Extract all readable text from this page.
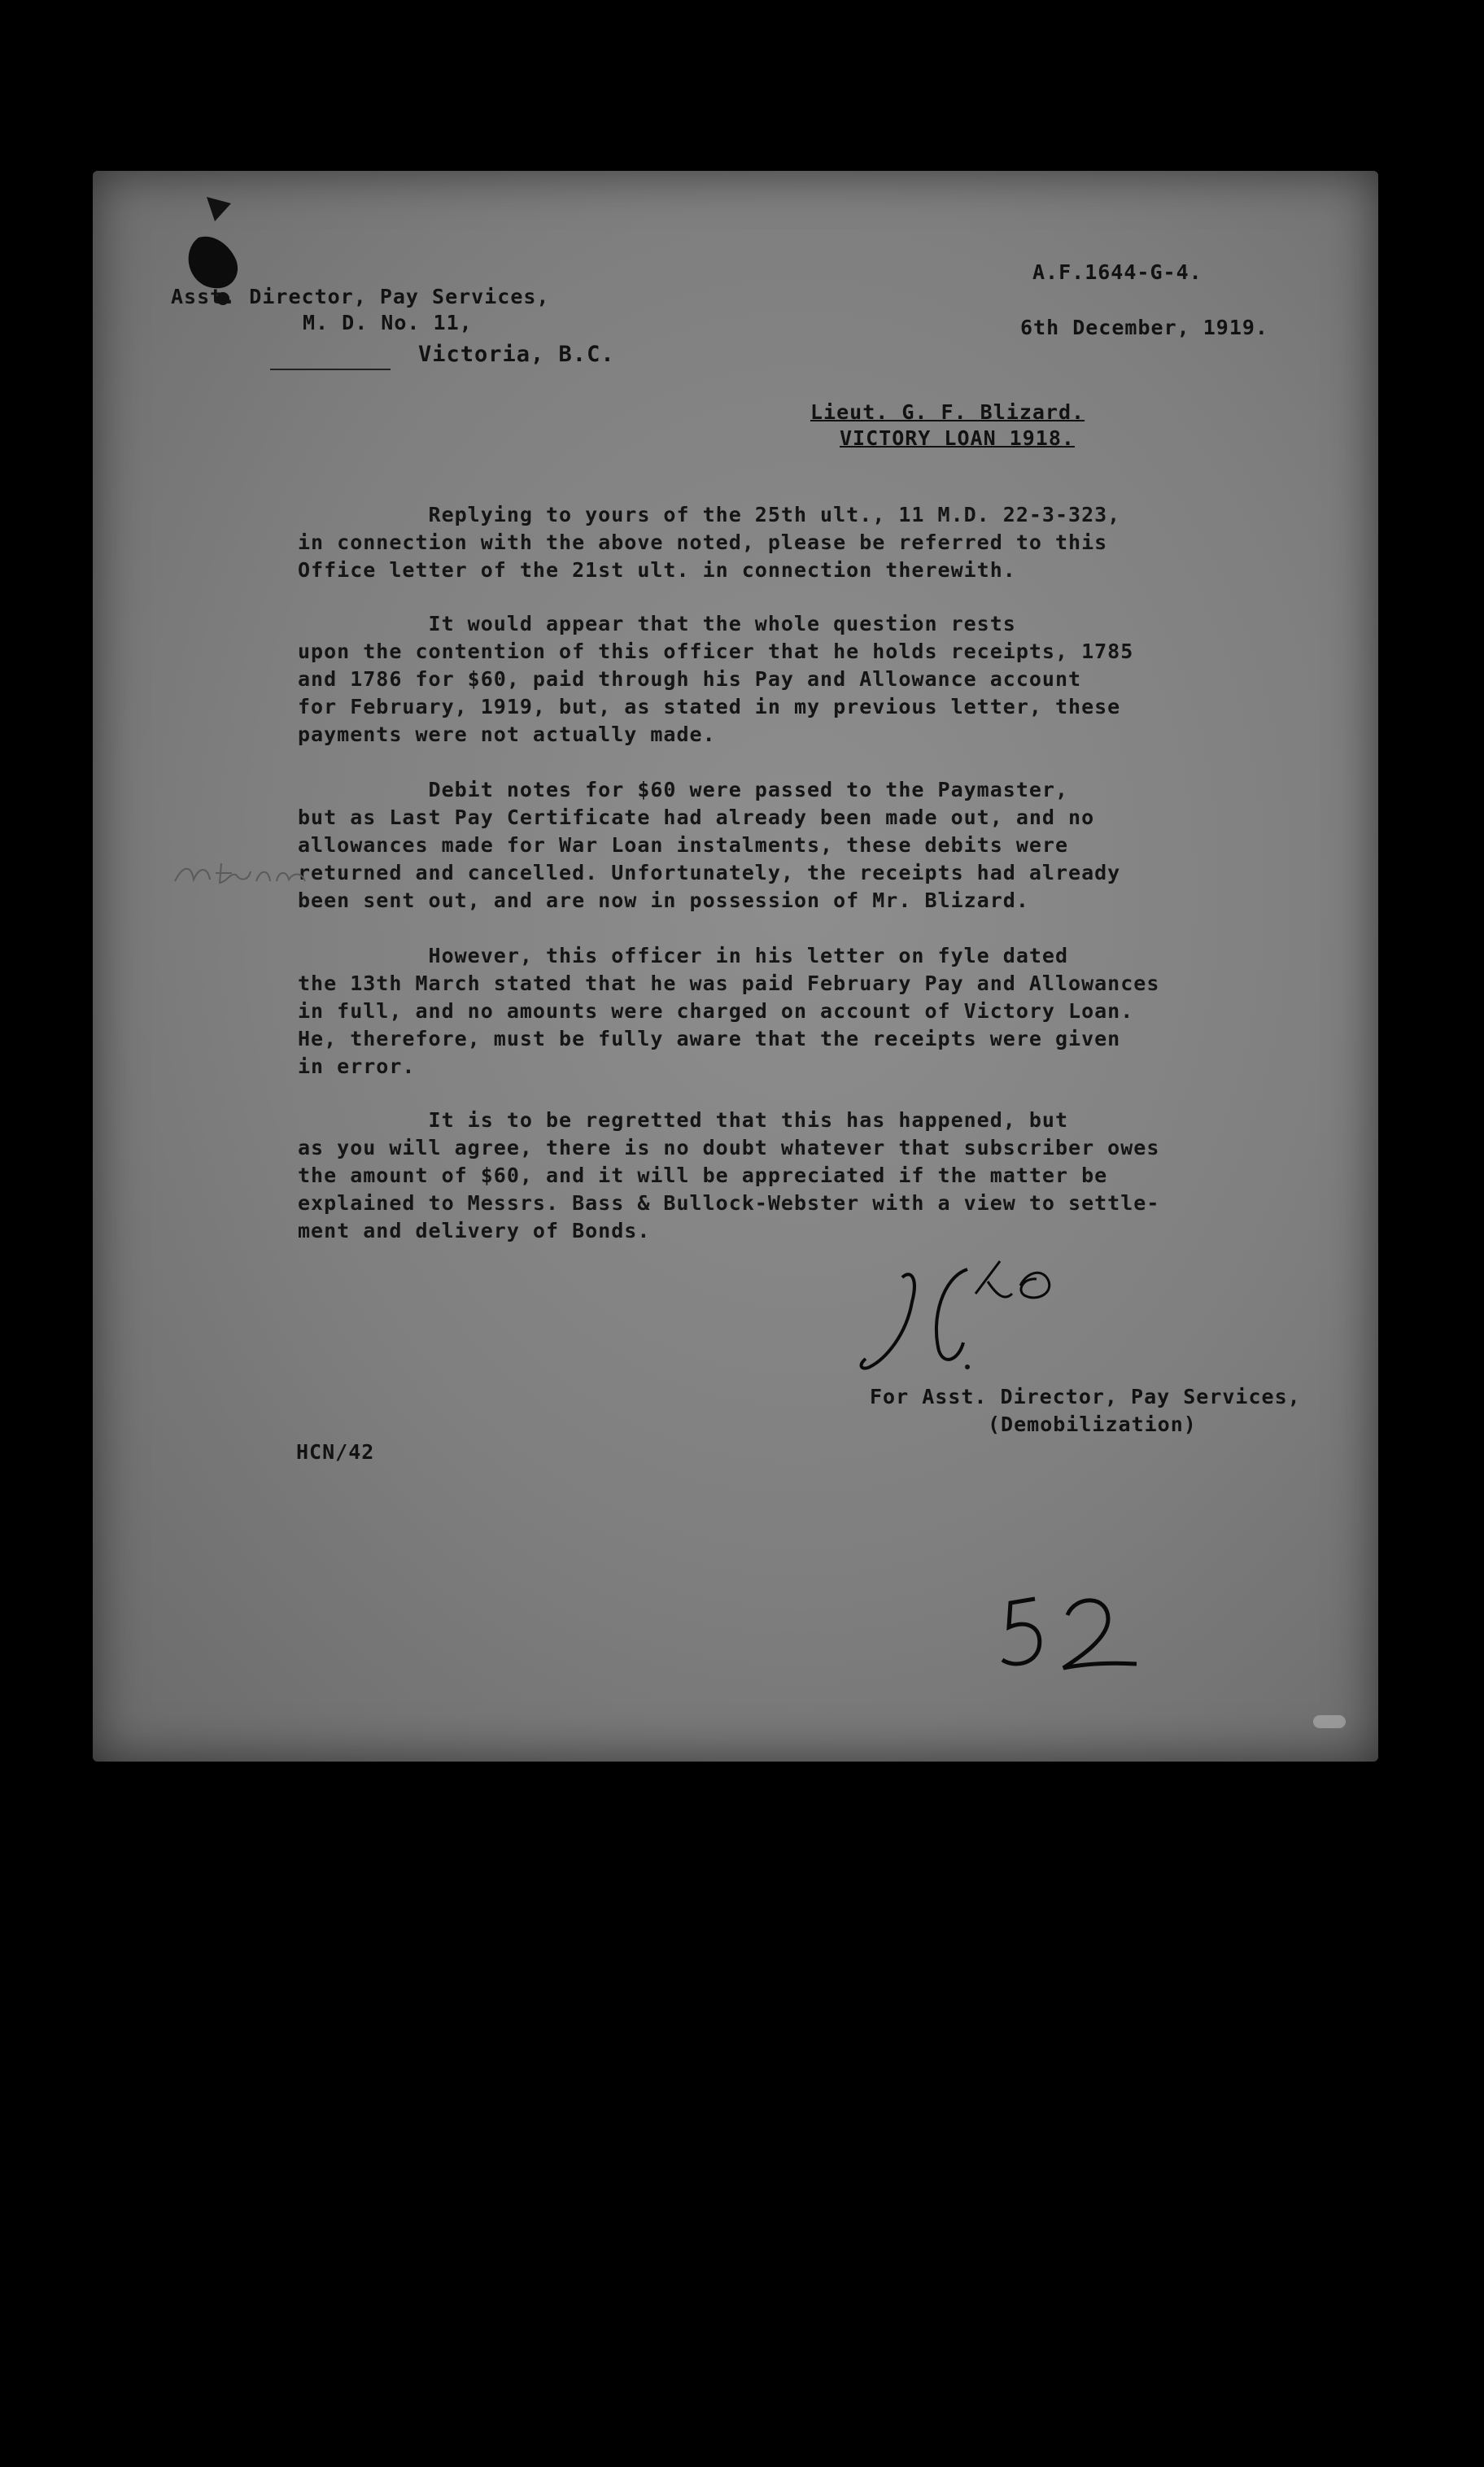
Asst. Director, Pay Services,
M. D. No. 11,
Victoria, B.C.
A.F.1644-G-4.
6th December, 1919.
Lieut. G. F. Blizard.
VICTORY LOAN 1918.
Replying to yours of the 25th ult., 11 M.D. 22-3-323,
in connection with the above noted, please be referred to this
Office letter of the 21st ult. in connection therewith.
It would appear that the whole question rests
upon the contention of this officer that he holds receipts, 1785
and 1786 for $60, paid through his Pay and Allowance account
for February, 1919, but, as stated in my previous letter, these
payments were not actually made.
Debit notes for $60 were passed to the Paymaster,
but as Last Pay Certificate had already been made out, and no
allowances made for War Loan instalments, these debits were
returned and cancelled. Unfortunately, the receipts had already
been sent out, and are now in possession of Mr. Blizard.
However, this officer in his letter on fyle dated
the 13th March stated that he was paid February Pay and Allowances
in full, and no amounts were charged on account of Victory Loan.
He, therefore, must be fully aware that the receipts were given
in error.
It is to be regretted that this has happened, but
as you will agree, there is no doubt whatever that subscriber owes
the amount of $60, and it will be appreciated if the matter be
explained to Messrs. Bass & Bullock-Webster with a view to settle-
ment and delivery of Bonds.
For Asst. Director, Pay Services,
(Demobilization)
HCN/42
